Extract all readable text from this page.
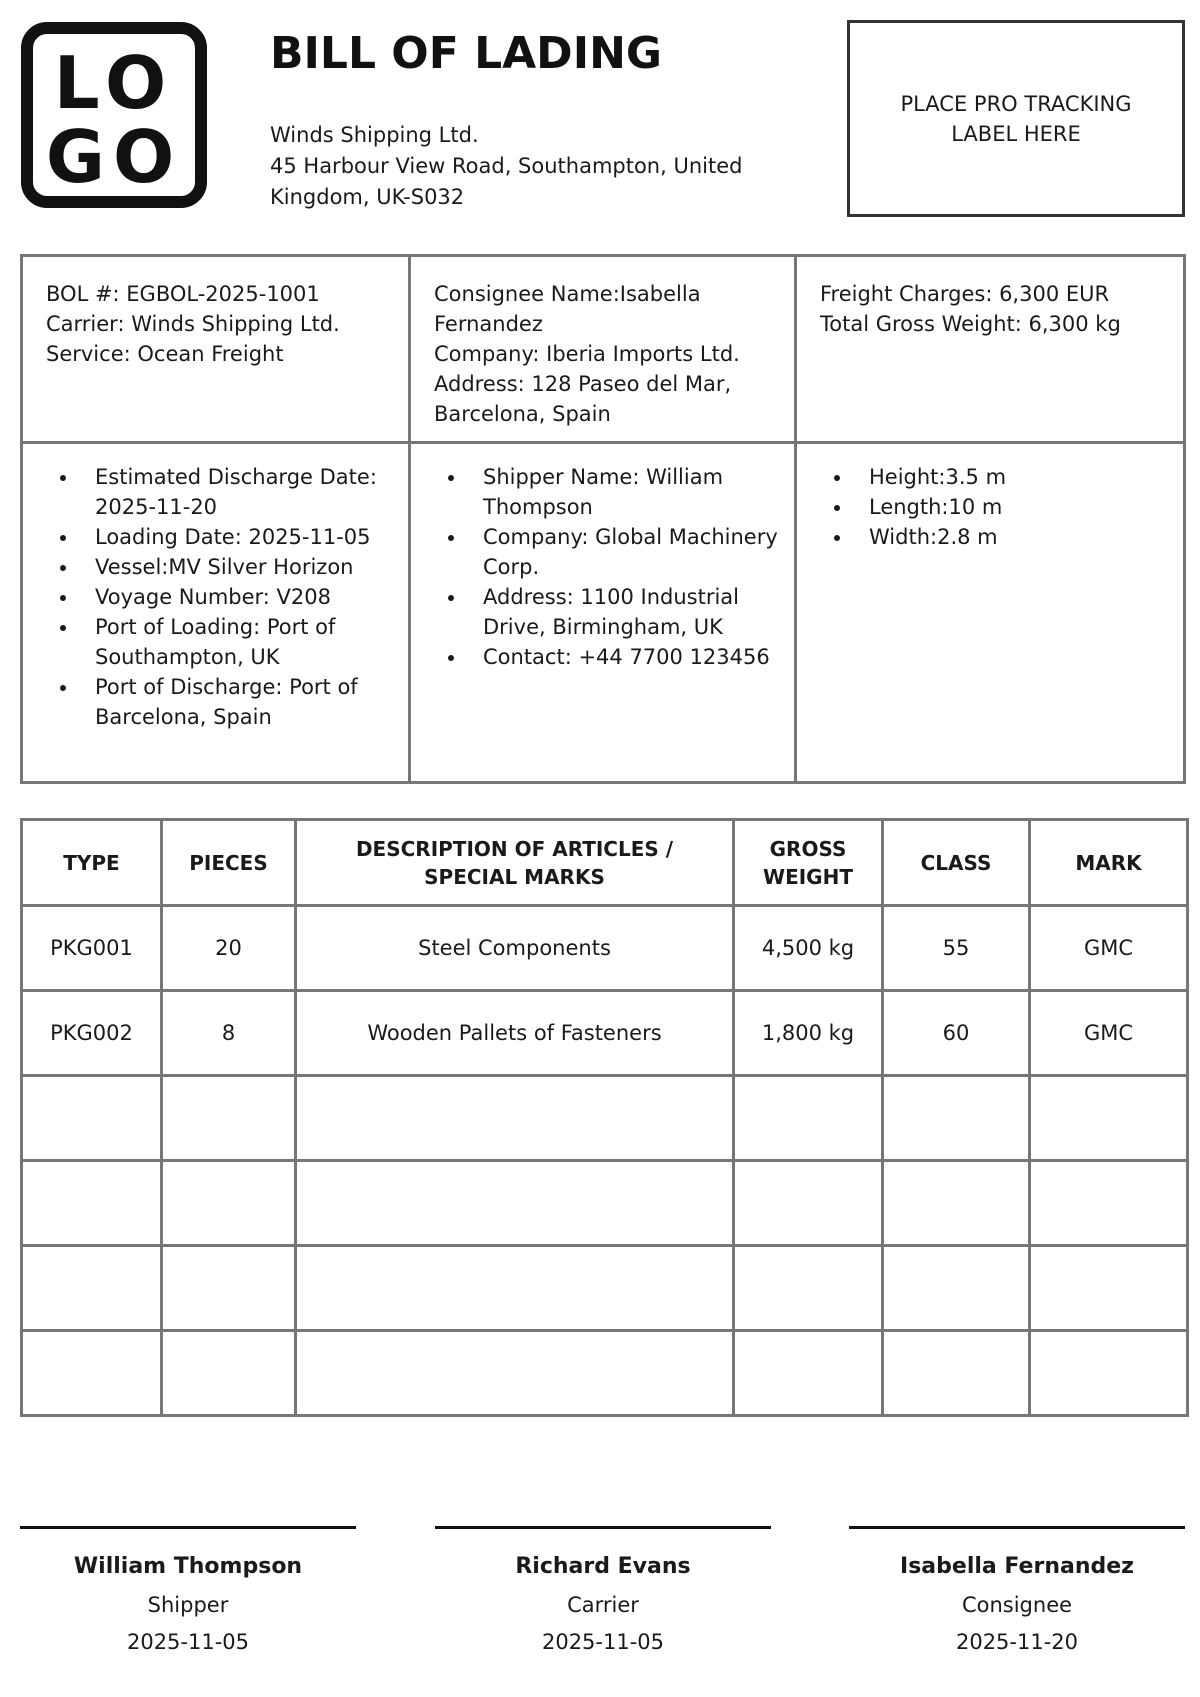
LO
GO
BILL OF LADING
Winds Shipping Ltd.
45 Harbour View Road, Southampton, United Kingdom, UK-S032
PLACE PRO TRACKING LABEL HERE
BOL #: EGBOL-2025-1001
Carrier: Winds Shipping Ltd.
Service: Ocean Freight
Consignee Name:Isabella Fernandez
Company: Iberia Imports Ltd.
Address: 128 Paseo del Mar, Barcelona, Spain
Freight Charges: 6,300 EUR
Total Gross Weight: 6,300 kg
• Estimated Discharge Date: 2025-11-20
• Loading Date: 2025-11-05
• Vessel:MV Silver Horizon
• Voyage Number: V208
• Port of Loading: Port of Southampton, UK
• Port of Discharge: Port of Barcelona, Spain
• Shipper Name: William Thompson
• Company: Global Machinery Corp.
• Address: 1100 Industrial Drive, Birmingham, UK
• Contact: +44 7700 123456
• Height:3.5 m
• Length:10 m
• Width:2.8 m
TYPE	PIECES	DESCRIPTION OF ARTICLES / SPECIAL MARKS	GROSS WEIGHT	CLASS	MARK
PKG001	20	Steel Components	4,500 kg	55	GMC
PKG002	8	Wooden Pallets of Fasteners	1,800 kg	60	GMC

William Thompson
Shipper
2025-11-05
Richard Evans
Carrier
2025-11-05
Isabella Fernandez
Consignee
2025-11-20
